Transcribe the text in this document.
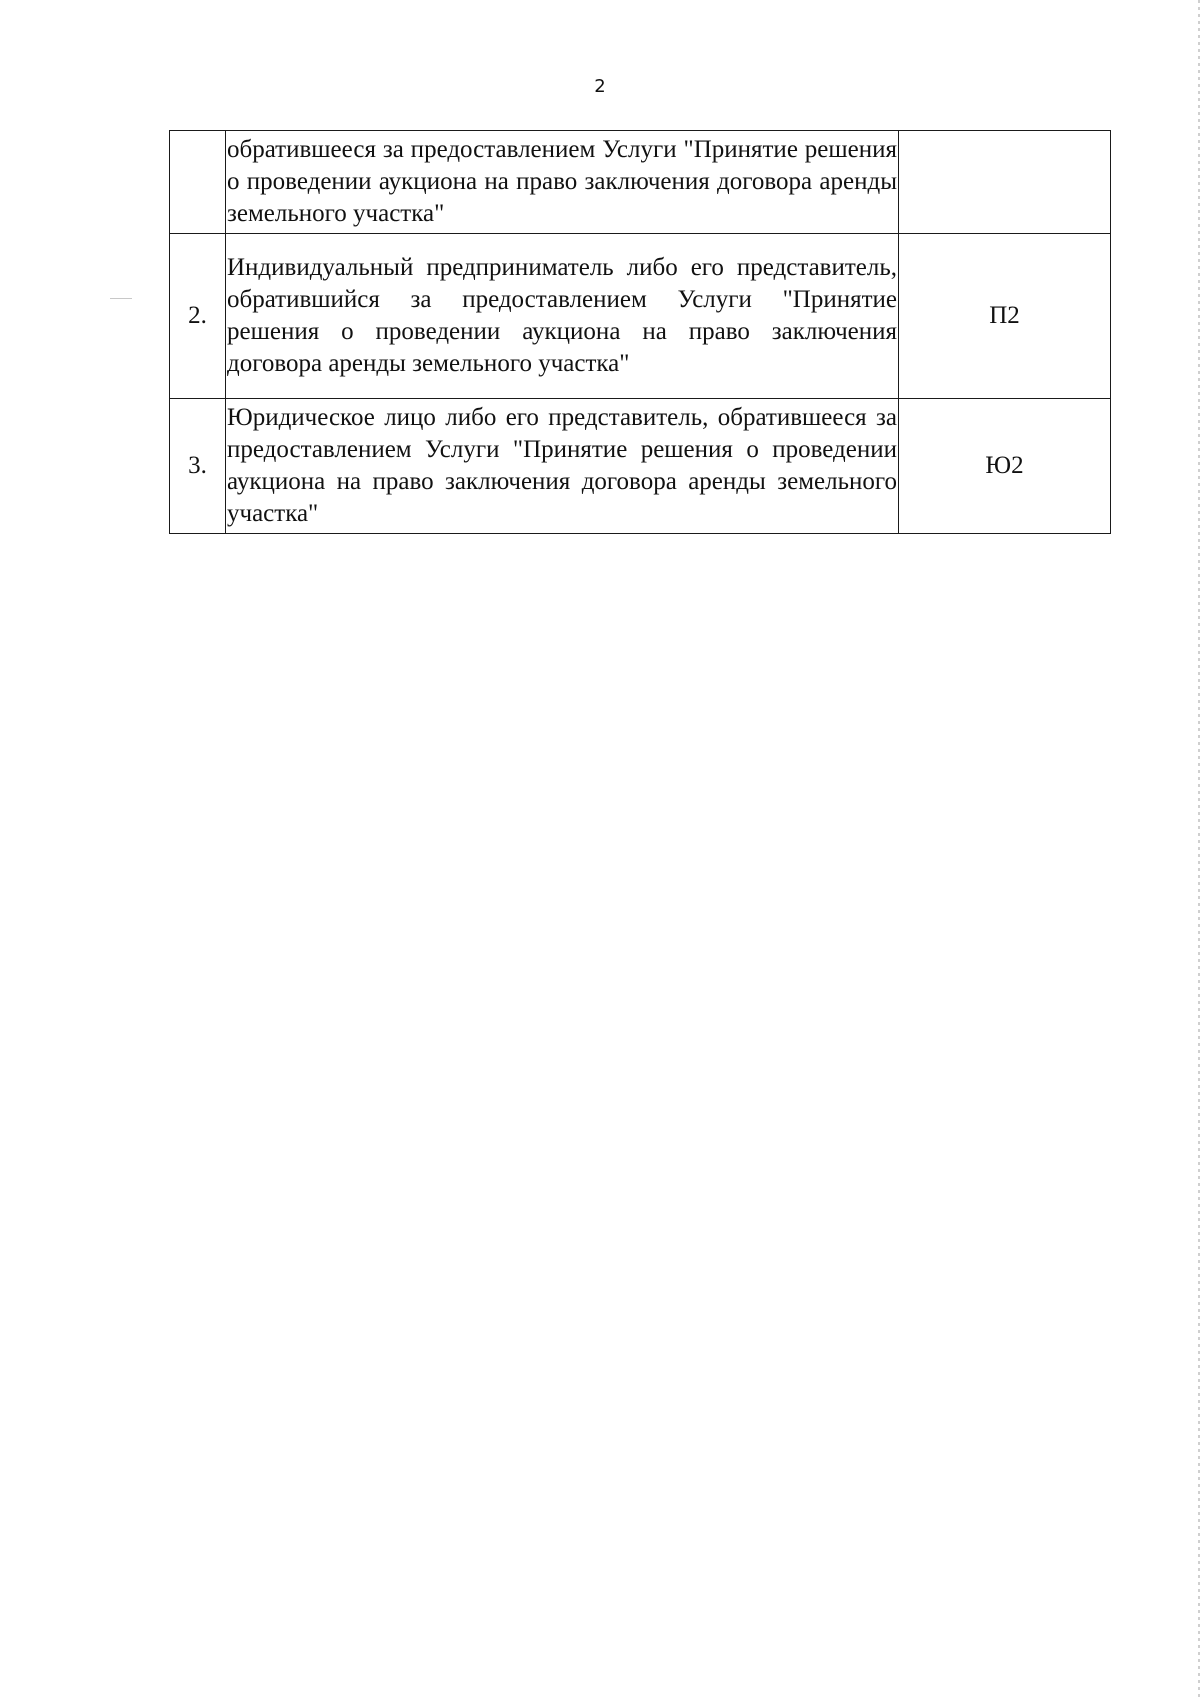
2
	обратившееся за предоставлением Услуги "Принятие решения о проведении аукциона на право заключения договора аренды земельного участка"	
2.	Индивидуальный предприниматель либо его представитель, обратившийся за предоставлением Услуги "Принятие решения о проведении аукциона на право заключения договора аренды земельного участка"	П2
3.	Юридическое лицо либо его представитель, обратившееся за предоставлением Услуги "Принятие решения о проведении аукциона на право заключения договора аренды земельного участка"	Ю2
